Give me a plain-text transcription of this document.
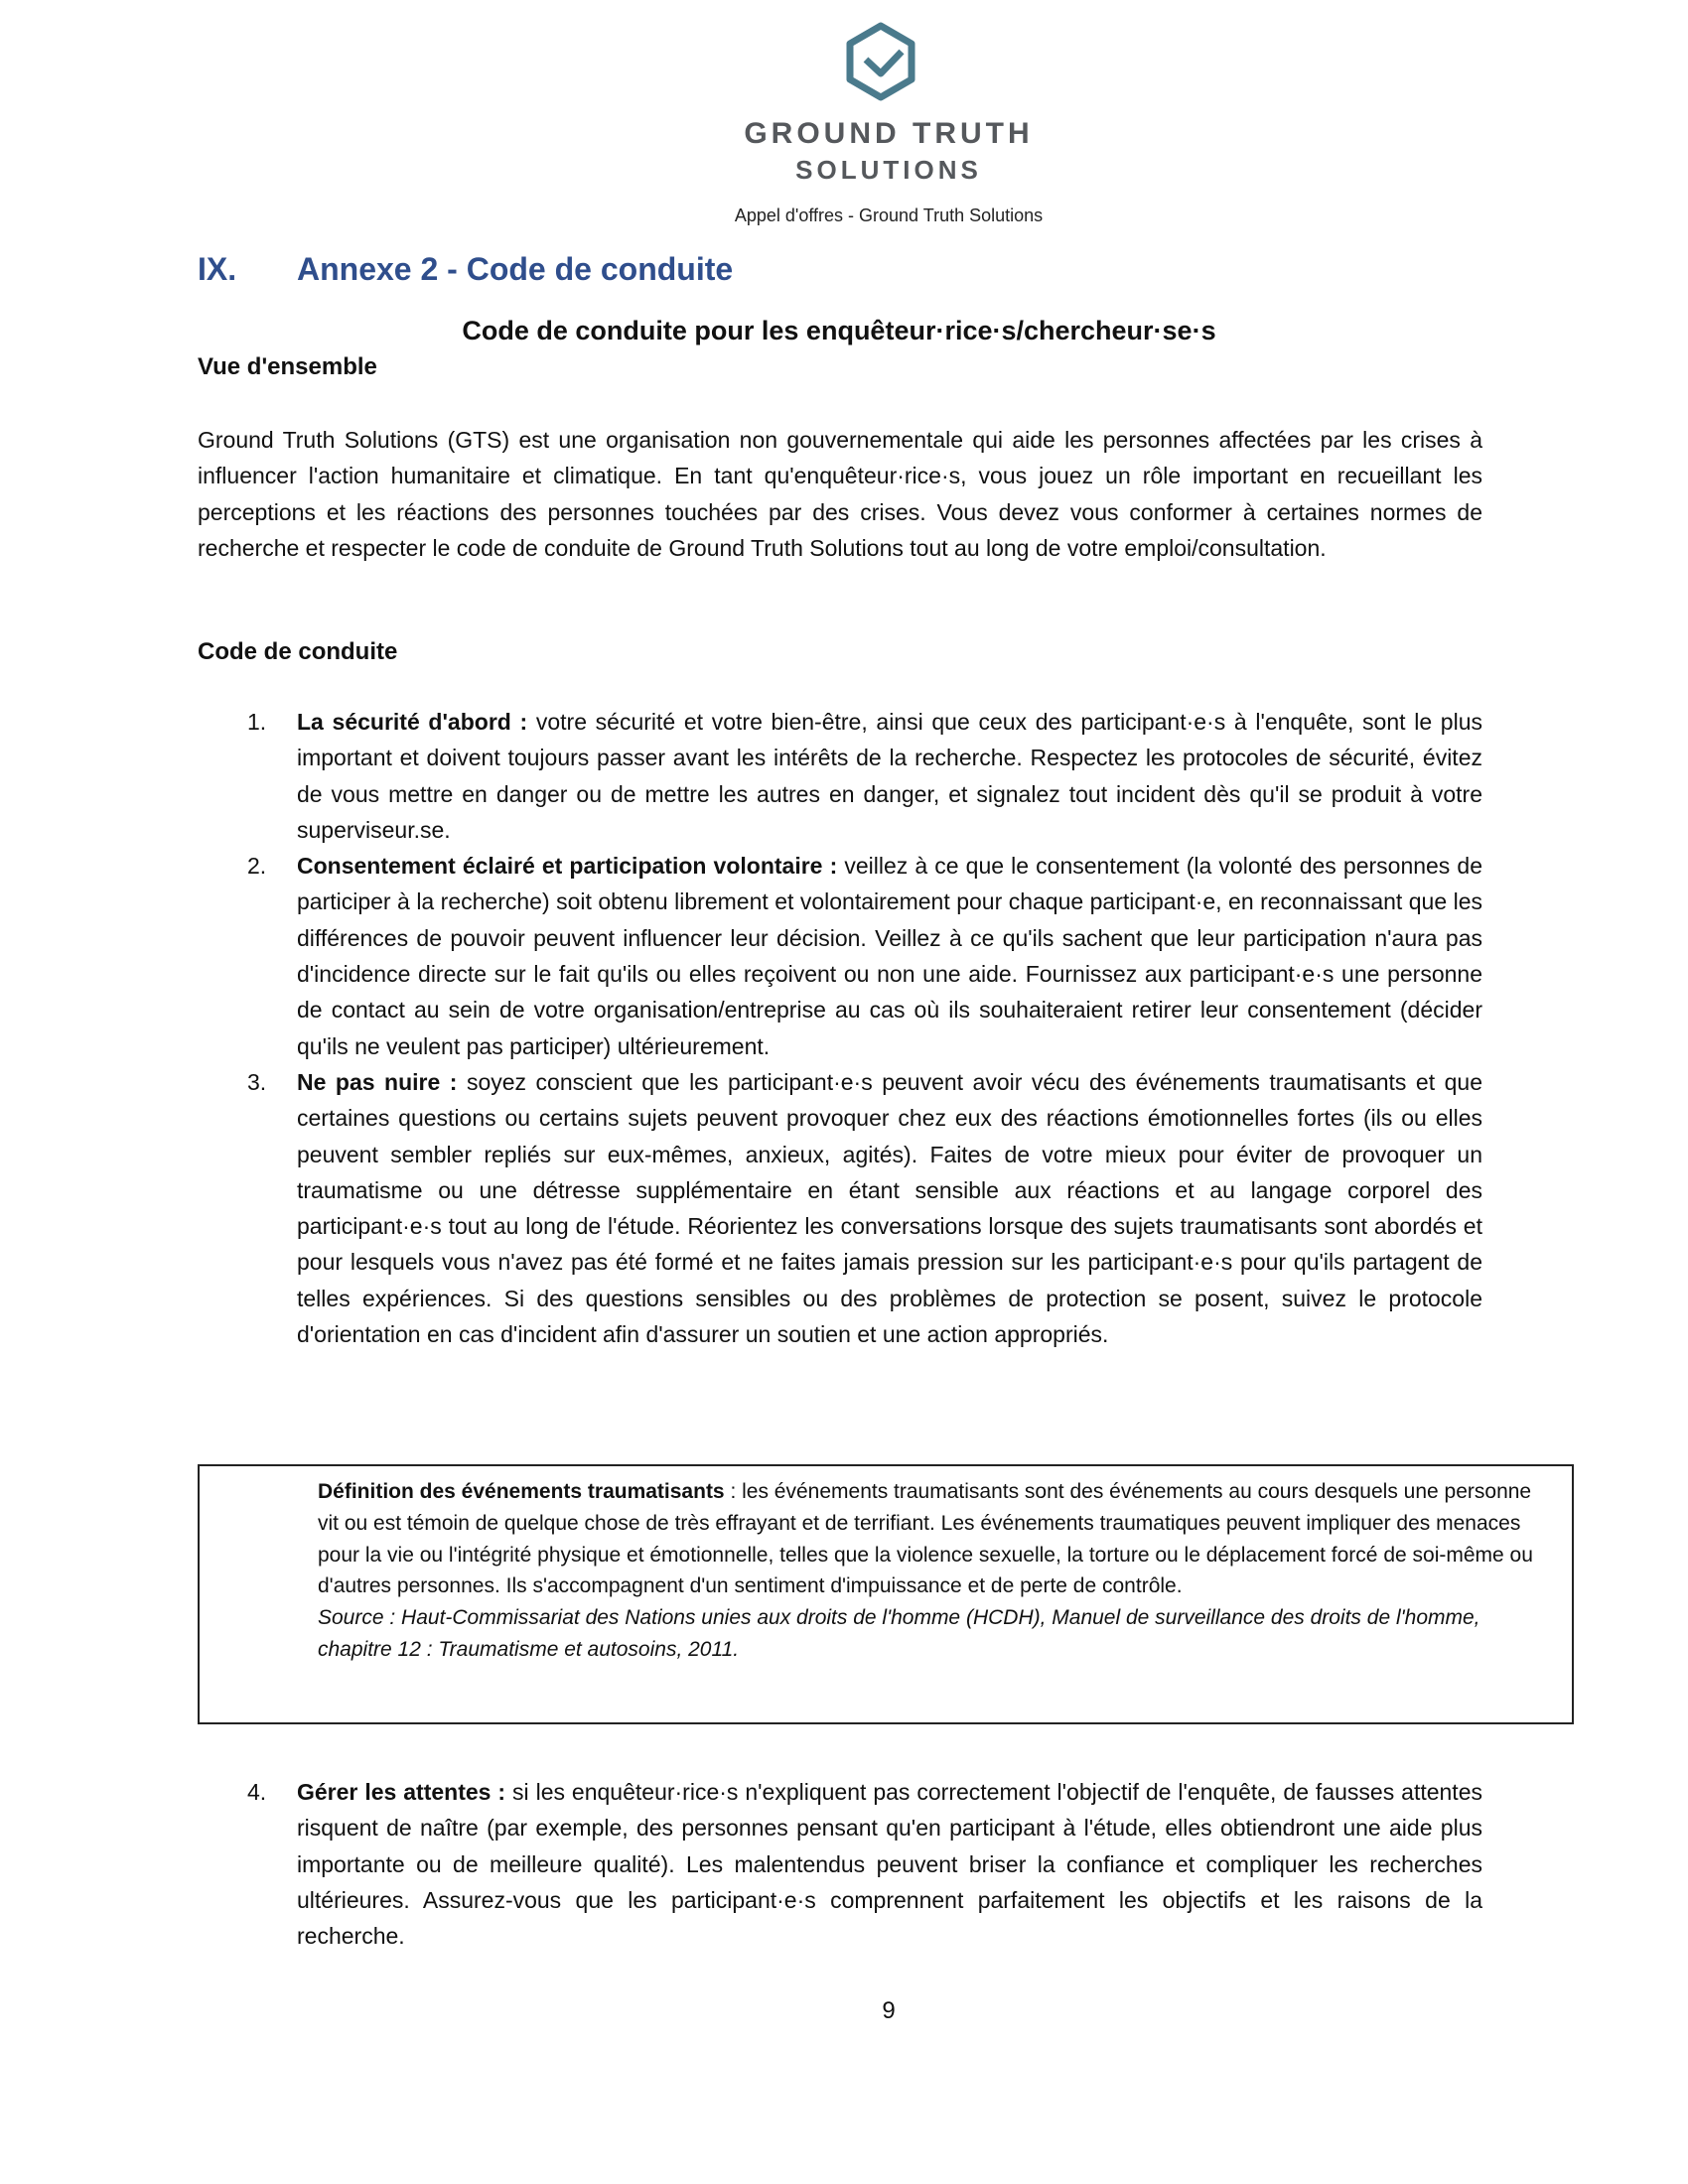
GROUND TRUTH
SOLUTIONS
Appel d'offres - Ground Truth Solutions
IX. Annexe 2 - Code de conduite
Code de conduite pour les enquêteur·rice·s/chercheur·se·s
Vue d'ensemble
Ground Truth Solutions (GTS) est une organisation non gouvernementale qui aide les personnes affectées par les crises à influencer l'action humanitaire et climatique. En tant qu'enquêteur·rice·s, vous jouez un rôle important en recueillant les perceptions et les réactions des personnes touchées par des crises. Vous devez vous conformer à certaines normes de recherche et respecter le code de conduite de Ground Truth Solutions tout au long de votre emploi/consultation.
Code de conduite
1. La sécurité d'abord : votre sécurité et votre bien-être, ainsi que ceux des participant·e·s à l'enquête, sont le plus important et doivent toujours passer avant les intérêts de la recherche. Respectez les protocoles de sécurité, évitez de vous mettre en danger ou de mettre les autres en danger, et signalez tout incident dès qu'il se produit à votre superviseur.se.
2. Consentement éclairé et participation volontaire : veillez à ce que le consentement (la volonté des personnes de participer à la recherche) soit obtenu librement et volontairement pour chaque participant·e, en reconnaissant que les différences de pouvoir peuvent influencer leur décision. Veillez à ce qu'ils sachent que leur participation n'aura pas d'incidence directe sur le fait qu'ils ou elles reçoivent ou non une aide. Fournissez aux participant·e·s une personne de contact au sein de votre organisation/entreprise au cas où ils souhaiteraient retirer leur consentement (décider qu'ils ne veulent pas participer) ultérieurement.
3. Ne pas nuire : soyez conscient que les participant·e·s peuvent avoir vécu des événements traumatisants et que certaines questions ou certains sujets peuvent provoquer chez eux des réactions émotionnelles fortes (ils ou elles peuvent sembler repliés sur eux-mêmes, anxieux, agités). Faites de votre mieux pour éviter de provoquer un traumatisme ou une détresse supplémentaire en étant sensible aux réactions et au langage corporel des participant·e·s tout au long de l'étude. Réorientez les conversations lorsque des sujets traumatisants sont abordés et pour lesquels vous n'avez pas été formé et ne faites jamais pression sur les participant·e·s pour qu'ils partagent de telles expériences. Si des questions sensibles ou des problèmes de protection se posent, suivez le protocole d'orientation en cas d'incident afin d'assurer un soutien et une action appropriés.
Définition des événements traumatisants : les événements traumatisants sont des événements au cours desquels une personne vit ou est témoin de quelque chose de très effrayant et de terrifiant. Les événements traumatiques peuvent impliquer des menaces pour la vie ou l'intégrité physique et émotionnelle, telles que la violence sexuelle, la torture ou le déplacement forcé de soi-même ou d'autres personnes. Ils s'accompagnent d'un sentiment d'impuissance et de perte de contrôle.
Source : Haut-Commissariat des Nations unies aux droits de l'homme (HCDH), Manuel de surveillance des droits de l'homme, chapitre 12 : Traumatisme et autosoins, 2011.
4. Gérer les attentes : si les enquêteur·rice·s n'expliquent pas correctement l'objectif de l'enquête, de fausses attentes risquent de naître (par exemple, des personnes pensant qu'en participant à l'étude, elles obtiendront une aide plus importante ou de meilleure qualité). Les malentendus peuvent briser la confiance et compliquer les recherches ultérieures. Assurez-vous que les participant·e·s comprennent parfaitement les objectifs et les raisons de la recherche.
9
